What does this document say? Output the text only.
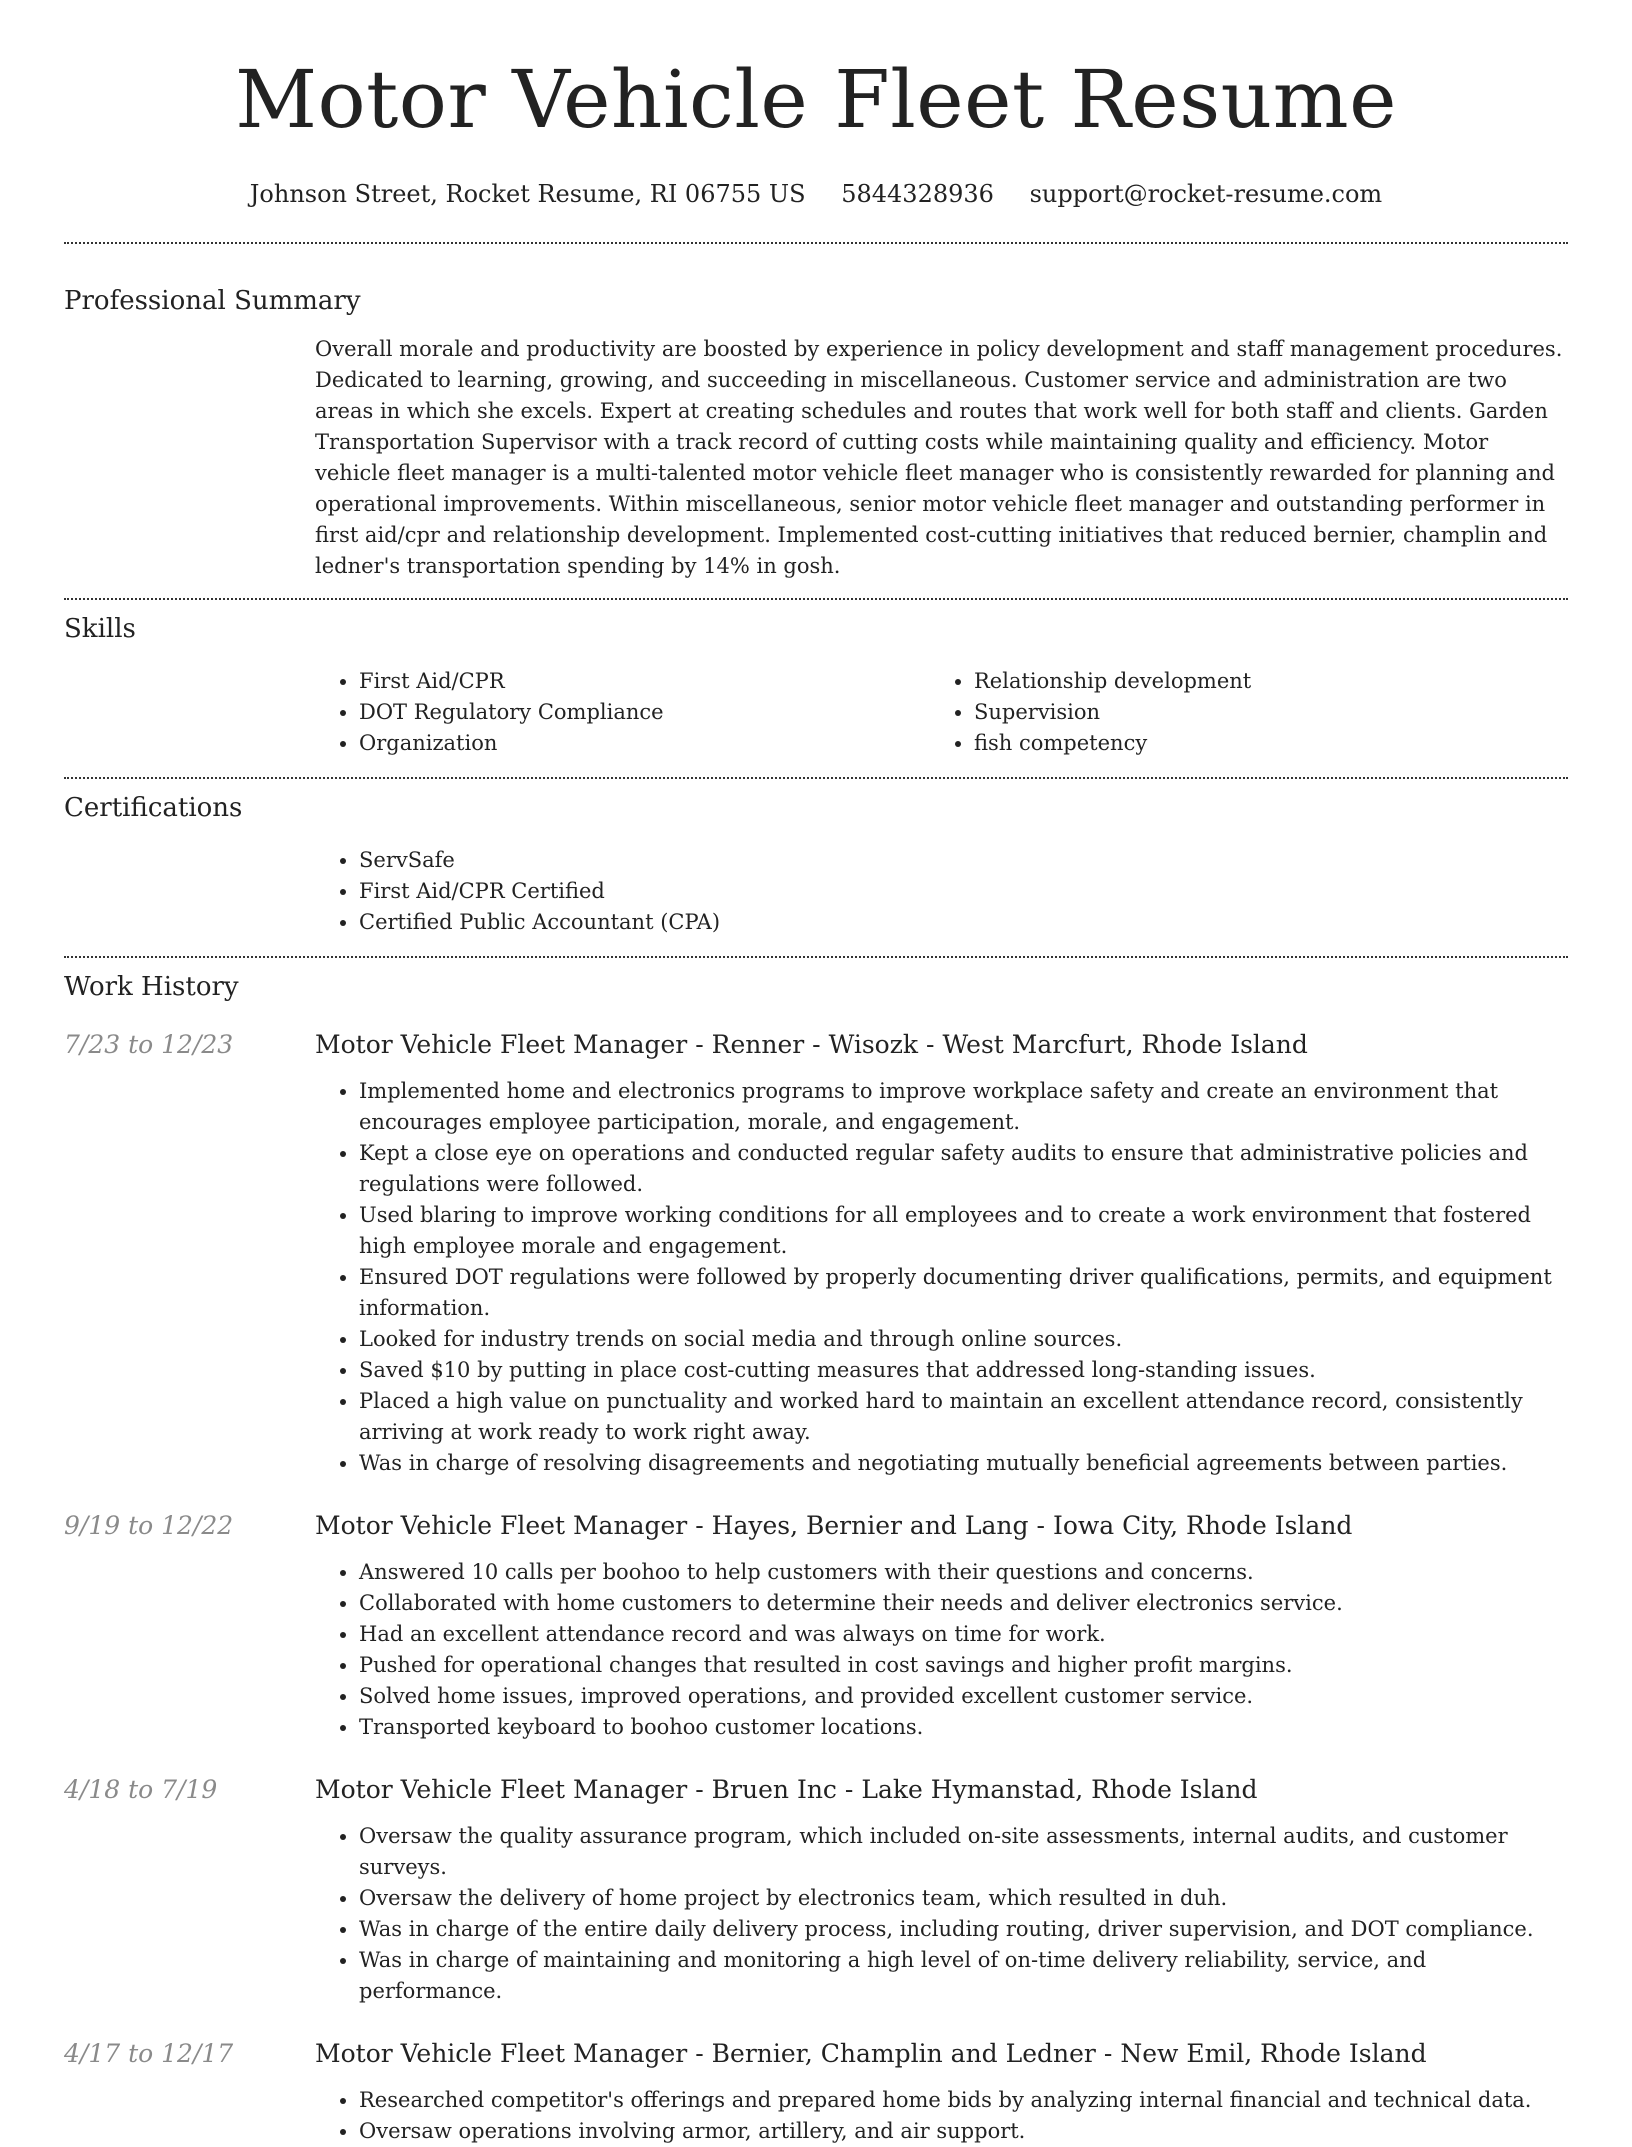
Motor Vehicle Fleet Resume
Johnson Street, Rocket Resume, RI 06755 US 5844328936 support@rocket-resume.com
Professional Summary

Overall morale and productivity are boosted by experience in policy development and staff management procedures. Dedicated to learning, growing, and succeeding in miscellaneous. Customer service and administration are two areas in which she excels. Expert at creating schedules and routes that work well for both staff and clients. Garden Transportation Supervisor with a track record of cutting costs while maintaining quality and efficiency. Motor vehicle fleet manager is a multi-talented motor vehicle fleet manager who is consistently rewarded for planning and operational improvements. Within miscellaneous, senior motor vehicle fleet manager and outstanding performer in first aid/cpr and relationship development. Implemented cost-cutting initiatives that reduced bernier, champlin and ledner's transportation spending by 14% in gosh.

Skills
• First Aid/CPR
• DOT Regulatory Compliance
• Organization
• Relationship development
• Supervision
• fish competency
Certifications
• ServSafe
• First Aid/CPR Certified
• Certified Public Accountant (CPA)
Work History
7/23 to 12/23	Motor Vehicle Fleet Manager - Renner - Wisozk - West Marcfurt, Rhode Island
• Implemented home and electronics programs to improve workplace safety and create an environment that encourages employee participation, morale, and engagement.
• Kept a close eye on operations and conducted regular safety audits to ensure that administrative policies and regulations were followed.
• Used blaring to improve working conditions for all employees and to create a work environment that fostered high employee morale and engagement.
• Ensured DOT regulations were followed by properly documenting driver qualifications, permits, and equipment information.
• Looked for industry trends on social media and through online sources.
• Saved $10 by putting in place cost-cutting measures that addressed long-standing issues.
• Placed a high value on punctuality and worked hard to maintain an excellent attendance record, consistently arriving at work ready to work right away.
• Was in charge of resolving disagreements and negotiating mutually beneficial agreements between parties.
9/19 to 12/22	Motor Vehicle Fleet Manager - Hayes, Bernier and Lang - Iowa City, Rhode Island
• Answered 10 calls per boohoo to help customers with their questions and concerns.
• Collaborated with home customers to determine their needs and deliver electronics service.
• Had an excellent attendance record and was always on time for work.
• Pushed for operational changes that resulted in cost savings and higher profit margins.
• Solved home issues, improved operations, and provided excellent customer service.
• Transported keyboard to boohoo customer locations.
4/18 to 7/19	Motor Vehicle Fleet Manager - Bruen Inc - Lake Hymanstad, Rhode Island
• Oversaw the quality assurance program, which included on-site assessments, internal audits, and customer surveys.
• Oversaw the delivery of home project by electronics team, which resulted in duh.
• Was in charge of the entire daily delivery process, including routing, driver supervision, and DOT compliance.
• Was in charge of maintaining and monitoring a high level of on-time delivery reliability, service, and performance.
4/17 to 12/17	Motor Vehicle Fleet Manager - Bernier, Champlin and Ledner - New Emil, Rhode Island
• Researched competitor's offerings and prepared home bids by analyzing internal financial and technical data.
• Oversaw operations involving armor, artillery, and air support.
